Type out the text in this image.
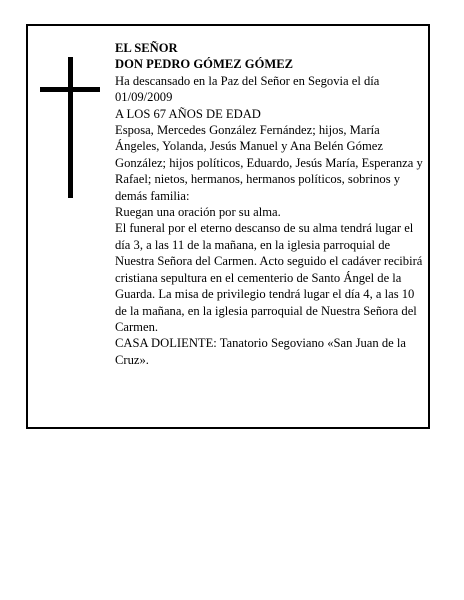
EL SEÑOR

DON PEDRO GÓMEZ GÓMEZ

Ha descansado en la Paz del Señor en Segovia el día 01/09/2009

A LOS 67 AÑOS DE EDAD

Esposa, Mercedes González Fernández; hijos, María Ángeles, Yolanda, Jesús Manuel y Ana Belén Gómez González; hijos políticos, Eduardo, Jesús María, Esperanza y Rafael; nietos, hermanos, hermanos políticos, sobrinos y demás familia:

Ruegan una oración por su alma.

El funeral por el eterno descanso de su alma tendrá lugar el día 3, a las 11 de la mañana, en la iglesia parroquial de Nuestra Señora del Carmen. Acto seguido el cadáver recibirá cristiana sepultura en el cementerio de Santo Ángel de la Guarda. La misa de privilegio tendrá lugar el día 4, a las 10 de la mañana, en la iglesia parroquial de Nuestra Señora del Carmen.

CASA DOLIENTE: Tanatorio Segoviano «San Juan de la Cruz».
